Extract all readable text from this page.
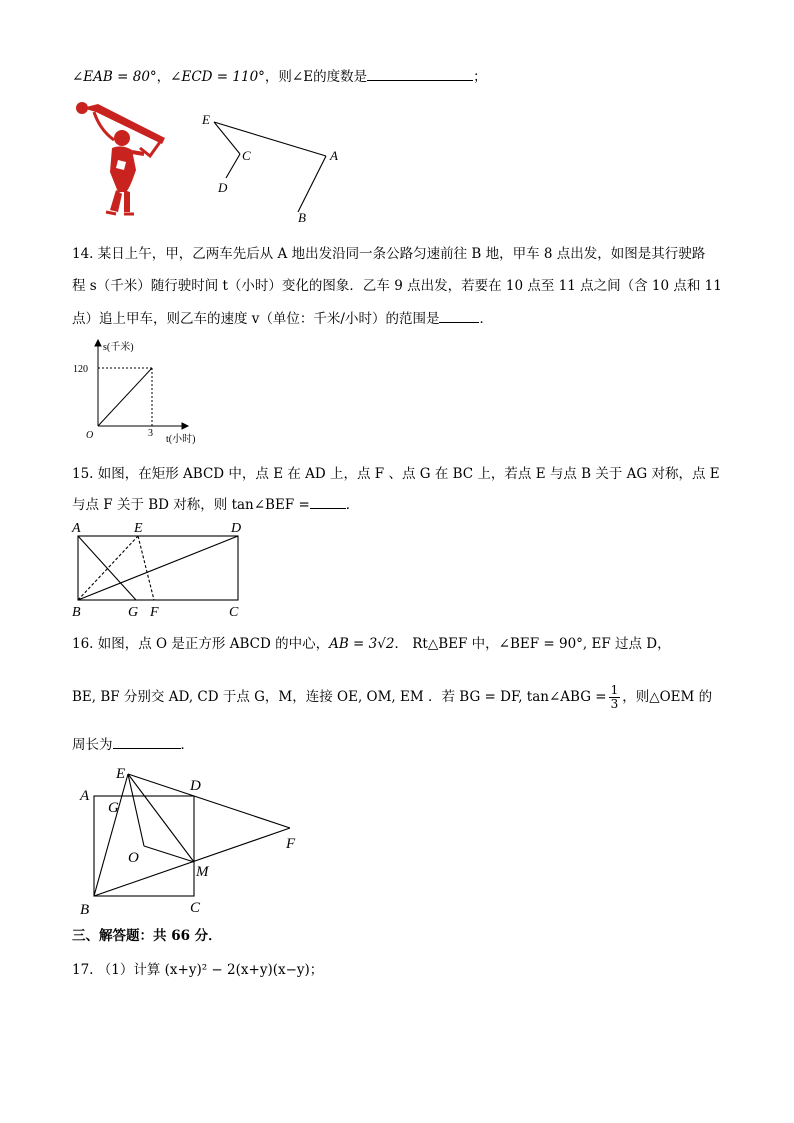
∠EAB = 80°，∠ECD = 110°，则∠E的度数是	；
E
C	A
D
B
14. 某日上午，甲，乙两车先后从 A 地出发沿同一条公路匀速前往 B 地，甲车 8 点出发，如图是其行驶路
程 s（千米）随行驶时间 t（小时）变化的图象．乙车 9 点出发，若要在 10 点至 11 点之间（含 10 点和 11
点）追上甲车，则乙车的速度 v（单位：千米/小时）的范围是	．
s(千米)
120
O	3
t(小时)
15. 如图，在矩形 ABCD 中，点 E 在 AD 上，点 F 、点 G 在 BC 上，若点 E 与点 B 关于 AG 对称，点 E
与点 F 关于 BD 对称，则 tan∠BEF =	．
A	E	D
B	G F	C
16. 如图，点 O 是正方形 ABCD 的中心，AB = 3√2． Rt△BEF 中，∠BEF = 90°, EF 过点 D，
BE, BF 分别交 AD, CD 于点 G，M，连接 OE, OM, EM ．若 BG = DF, tan∠ABG = $\frac{1}{3}$ ，则△OEM 的
周长为	．
E
D
A
G
O
F
M
B	C
三、解答题：共 66 分．
17. （1）计算 (x+y)² − 2(x+y)(x−y)；
